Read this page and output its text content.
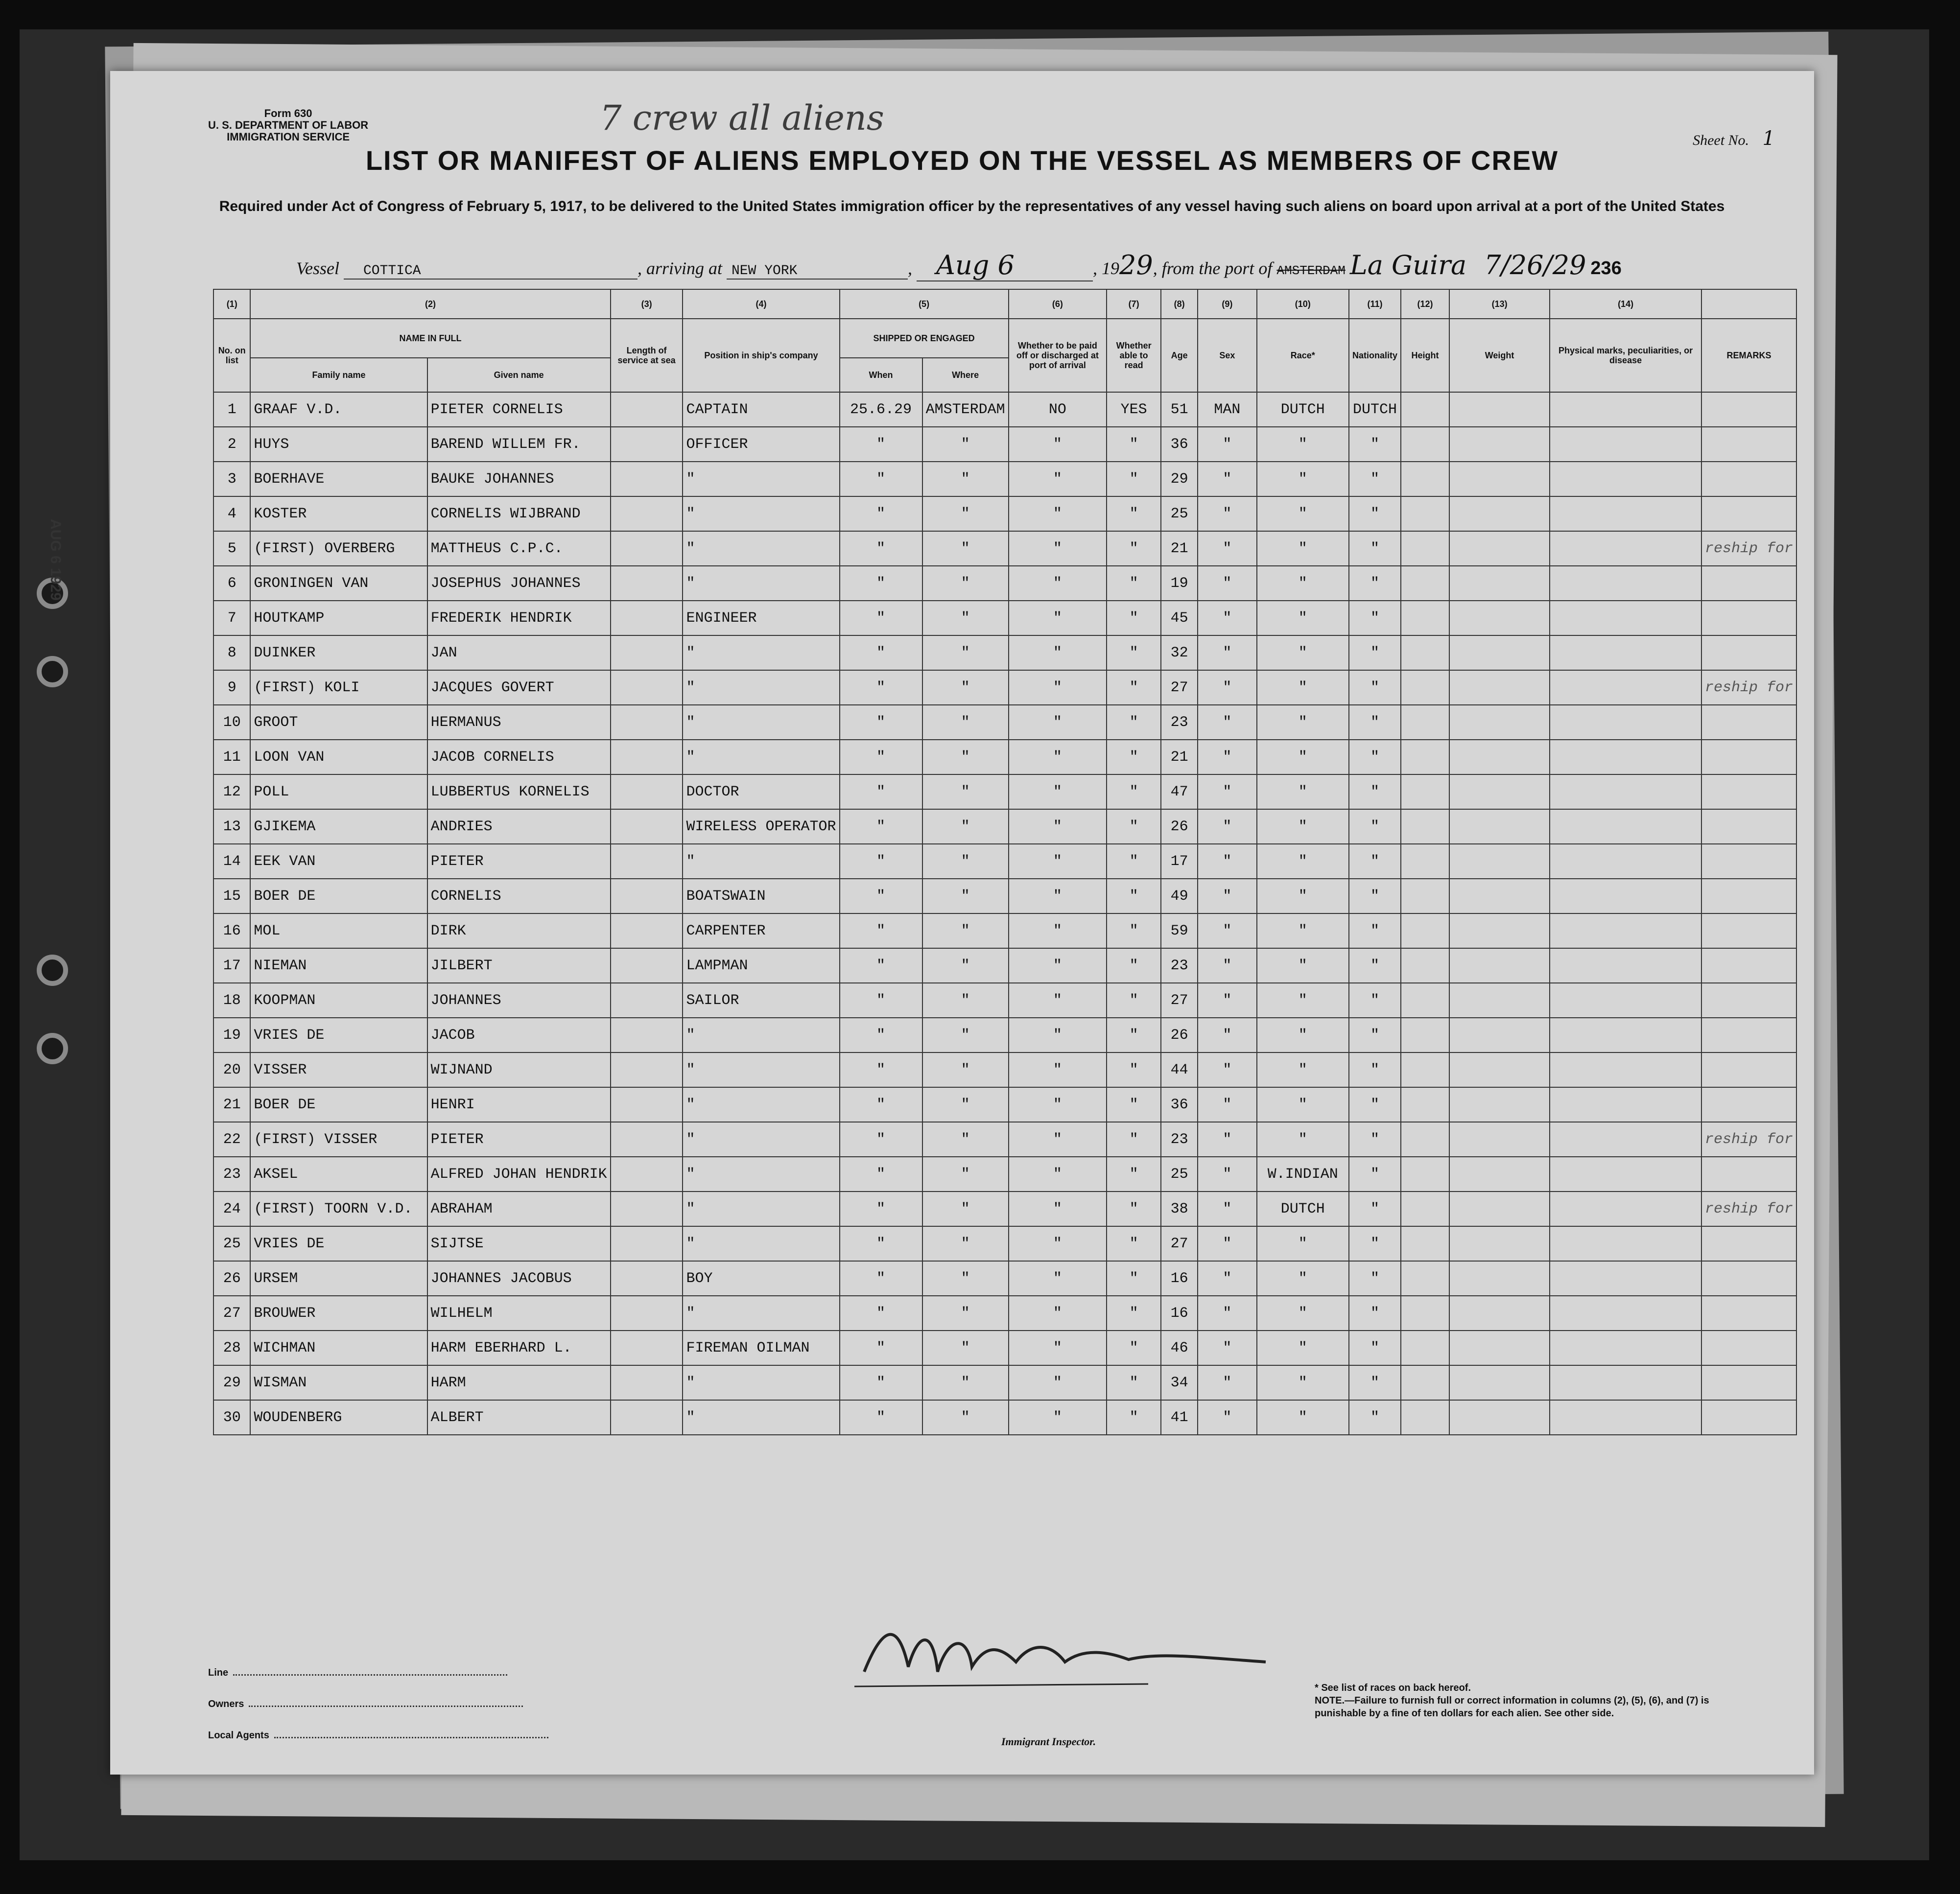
Form 630
U. S. DEPARTMENT OF LABOR
IMMIGRATION SERVICE	7 crew all aliens
Sheet No. 1
LIST OR MANIFEST OF ALIENS EMPLOYED ON THE VESSEL AS MEMBERS OF CREW
Required under Act of Congress of February 5, 1917, to be delivered to the United States immigration officer by the representatives of any vessel having such aliens on board upon arrival at a port of the United States
Vessel COTTICA	, arriving at NEW YORK	, Aug 6	, 1929, from the port of AMSTERDAM La Guira 7/26/29 236
(1)	(2)		(3)	(4)	(5)		(6)	(7)	(8)	(9)	(10)	(11)	(12)	(13)	(14)	
No. on list	NAME IN FULL		Length of service at sea	Position in ship's company	SHIPPED OR ENGAGED		Whether to be paid off or discharged at port of arrival	Whether able to read	Age	Sex	Race*	Nationality	Height	Weight	Physical marks, peculiarities, or disease	REMARKS
	Family name	Given name			When	Where										
1	GRAAF V.D.	PIETER CORNELIS		CAPTAIN	25.6.29	AMSTERDAM	NO	YES	51	MAN	DUTCH	DUTCH				
2	HUYS	BAREND WILLEM FR.		OFFICER	"	"	"	"	36	"	"	"				
3	BOERHAVE	BAUKE JOHANNES		"	"	"	"	"	29	"	"	"				
4	KOSTER	CORNELIS WIJBRAND		"	"	"	"	"	25	"	"	"				
5	(FIRST) OVERBERG	MATTHEUS C.P.C.		"	"	"	"	"	21	"	"	"				reship for
6	GRONINGEN VAN	JOSEPHUS JOHANNES		"	"	"	"	"	19	"	"	"				
7	HOUTKAMP	FREDERIK HENDRIK		ENGINEER	"	"	"	"	45	"	"	"				
8	DUINKER	JAN		"	"	"	"	"	32	"	"	"				
9	(FIRST) KOLI	JACQUES GOVERT		"	"	"	"	"	27	"	"	"				reship for
10	GROOT	HERMANUS		"	"	"	"	"	23	"	"	"				
11	LOON VAN	JACOB CORNELIS		"	"	"	"	"	21	"	"	"				
12	POLL	LUBBERTUS KORNELIS		DOCTOR	"	"	"	"	47	"	"	"				
13	GJIKEMA	ANDRIES		WIRELESS OPERATOR	"	"	"	"	26	"	"	"				
14	EEK VAN	PIETER		"	"	"	"	"	17	"	"	"				
15	BOER DE	CORNELIS		BOATSWAIN	"	"	"	"	49	"	"	"				
16	MOL	DIRK		CARPENTER	"	"	"	"	59	"	"	"				
17	NIEMAN	JILBERT		LAMPMAN	"	"	"	"	23	"	"	"				
18	KOOPMAN	JOHANNES		SAILOR	"	"	"	"	27	"	"	"				
19	VRIES DE	JACOB		"	"	"	"	"	26	"	"	"				
20	VISSER	WIJNAND		"	"	"	"	"	44	"	"	"				
21	BOER DE	HENRI		"	"	"	"	"	36	"	"	"				
22	(FIRST) VISSER	PIETER		"	"	"	"	"	23	"	"	"				reship for
23	AKSEL	ALFRED JOHAN HENDRIK		"	"	"	"	"	25	"	W.INDIAN	"				
24	(FIRST) TOORN V.D.	ABRAHAM		"	"	"	"	"	38	"	DUTCH	"				reship for
25	VRIES DE	SIJTSE		"	"	"	"	"	27	"	"	"				
26	URSEM	JOHANNES JACOBUS		BOY	"	"	"	"	16	"	"	"				
27	BROUWER	WILHELM		"	"	"	"	"	16	"	"	"				
28	WICHMAN	HARM EBERHARD L.		FIREMAN OILMAN	"	"	"	"	46	"	"	"				
29	WISMAN	HARM		"	"	"	"	"	34	"	"	"				
30	WOUDENBERG	ALBERT		"	"	"	"	"	41	"	"	"				
Line
Owners
Local Agents	Immigrant Inspector.
* See list of races on back hereof.
NOTE.—Failure to furnish full or correct information in columns (2), (5), (6), and (7) is punishable by a fine of ten dollars for each alien. See other side.
AUG 6 1929
